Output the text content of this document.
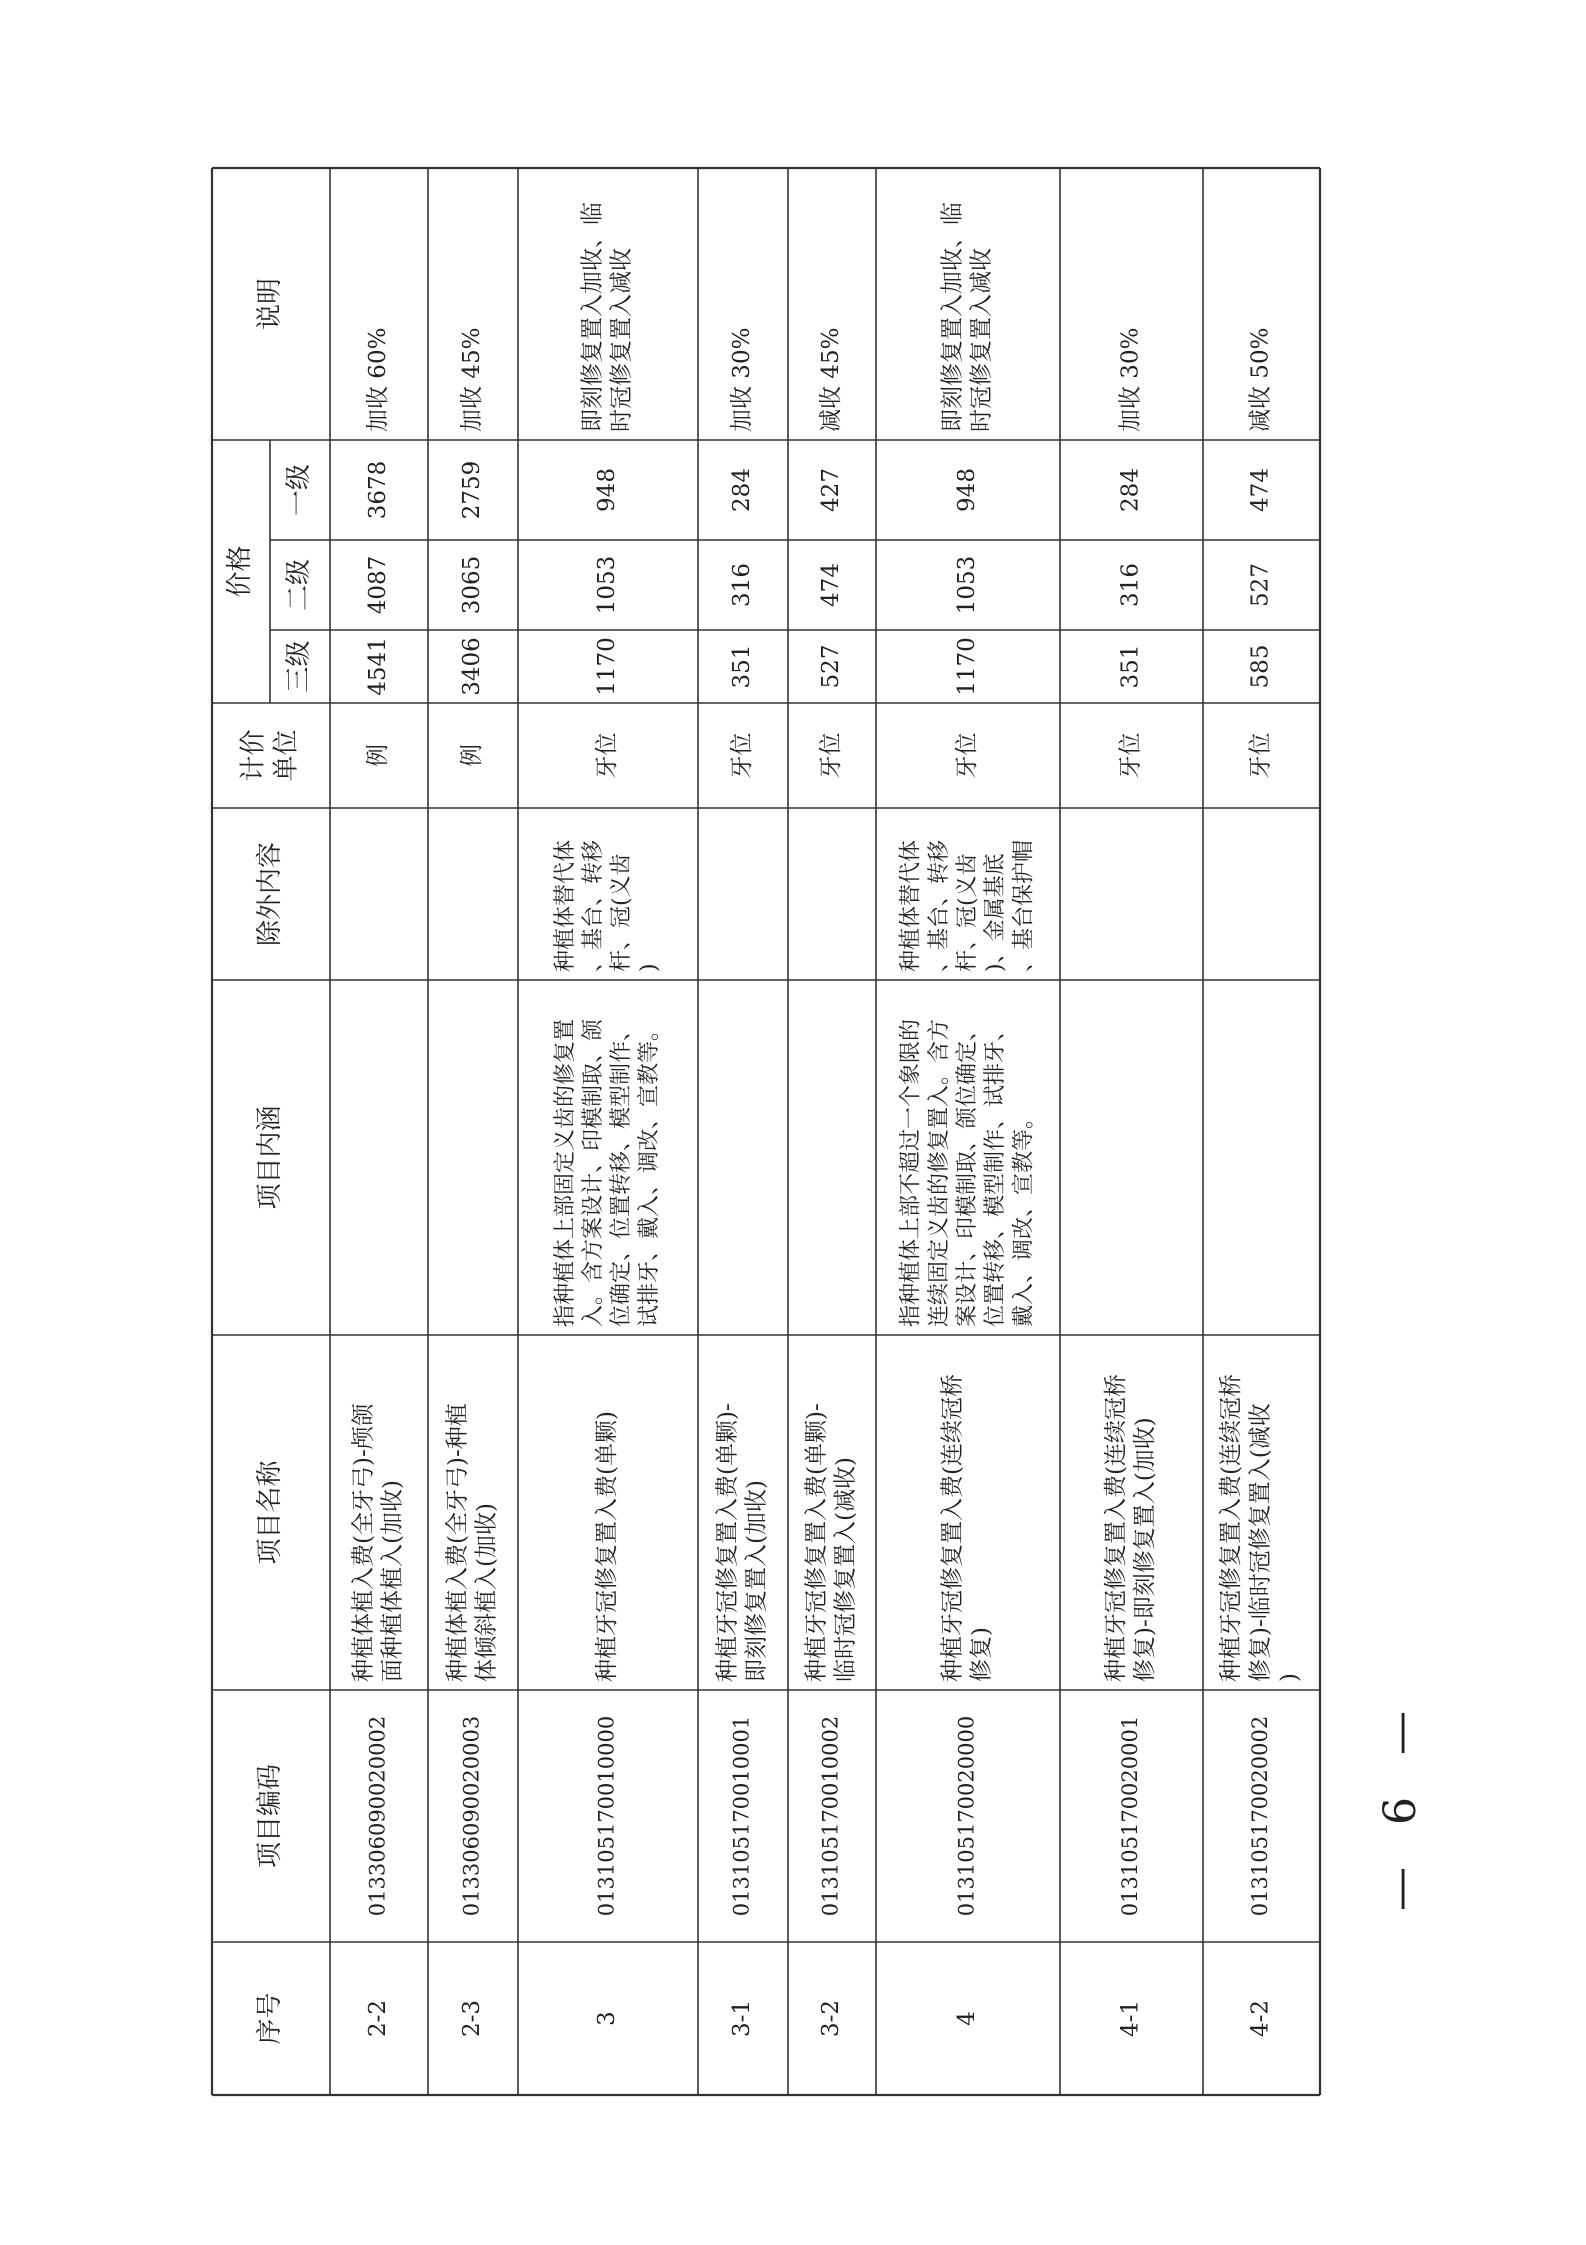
序号
项目编码
项目名称
项目内涵
除外内容
计价 单位
价格
三级
二级
一级
说明
2-2
013306090020002
种植体植入费(全牙弓)-颅颌 面种植体植入(加收)
例
4541
4087
3678
加收 60%
2-3
013306090020003
种植体植入费(全牙弓)-种植 体倾斜植入(加收)
例
3406
3065
2759
加收 45%
3
013105170010000
种植牙冠修复置入费(单颗)
指种植体上部固定义齿的修复置 入。含方案设计、印模制取、颌 位确定、位置转移、模型制作、 试排牙、戴入、调改、宣教等。
种植体替代体 、基台、转移 杆、冠(义齿 )
牙位
1170
1053
948
即刻修复置入加收、临 时冠修复置入减收
3-1
013105170010001
种植牙冠修复置入费(单颗)- 即刻修复置入(加收)
牙位
351
316
284
加收 30%
3-2
013105170010002
种植牙冠修复置入费(单颗)- 临时冠修复置入(减收)
牙位
527
474
427
减收 45%
4
013105170020000
种植牙冠修复置入费(连续冠桥 修复)
指种植体上部不超过一个象限的 连续固定义齿的修复置入。含方 案设计、印模制取、颌位确定、 位置转移、模型制作、试排牙、 戴入、调改、宣教等。
种植体替代体 、基台、转移 杆、冠(义齿 )、金属基底 、基台保护帽
牙位
1170
1053
948
即刻修复置入加收、临 时冠修复置入减收
4-1
013105170020001
种植牙冠修复置入费(连续冠桥 修复)-即刻修复置入(加收)
牙位
351
316
284
加收 30%
4-2
013105170020002
种植牙冠修复置入费(连续冠桥 修复)-临时冠修复置入(减收 )
牙位
585
527
474
减收 50%
— 6 —
